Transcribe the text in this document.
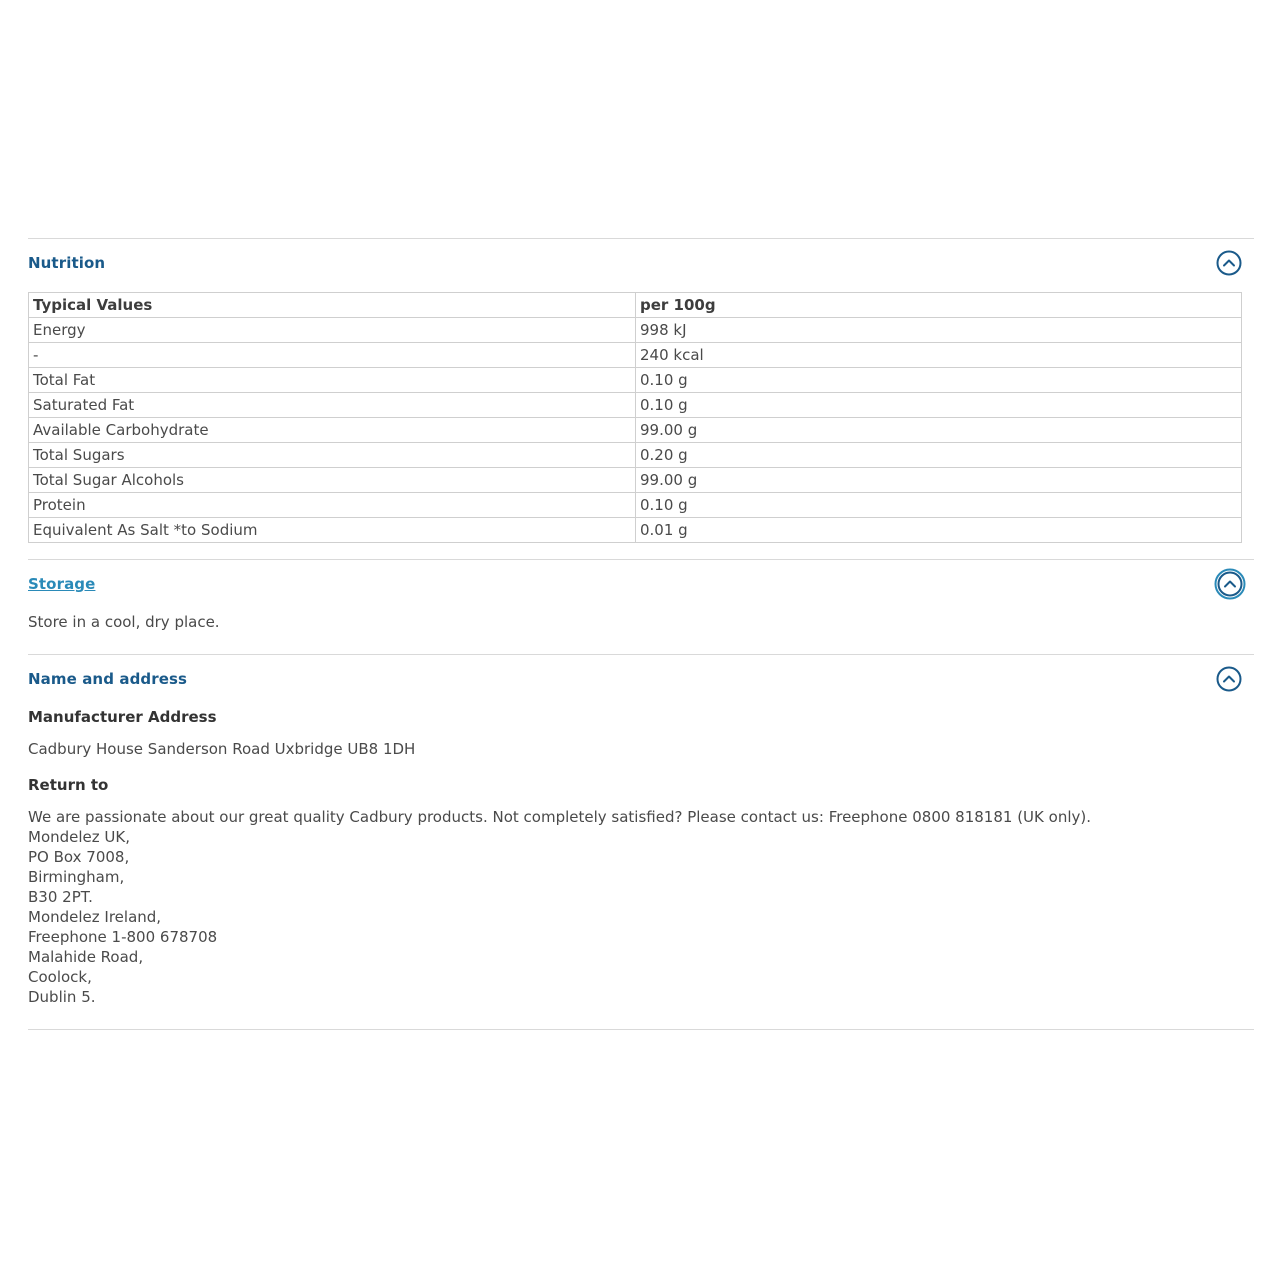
Nutrition
Typical Values	per 100g
Energy	998 kJ
-	240 kcal
Total Fat	0.10 g
Saturated Fat	0.10 g
Available Carbohydrate	99.00 g
Total Sugars	0.20 g
Total Sugar Alcohols	99.00 g
Protein	0.10 g
Equivalent As Salt *to Sodium	0.01 g
Storage
Store in a cool, dry place.
Name and address
Manufacturer Address
Cadbury House Sanderson Road Uxbridge UB8 1DH
Return to
We are passionate about our great quality Cadbury products. Not completely satisfied? Please contact us: Freephone 0800 818181 (UK only).
Mondelez UK,
PO Box 7008,
Birmingham,
B30 2PT.
Mondelez Ireland,
Freephone 1-800 678708
Malahide Road,
Coolock,
Dublin 5.
